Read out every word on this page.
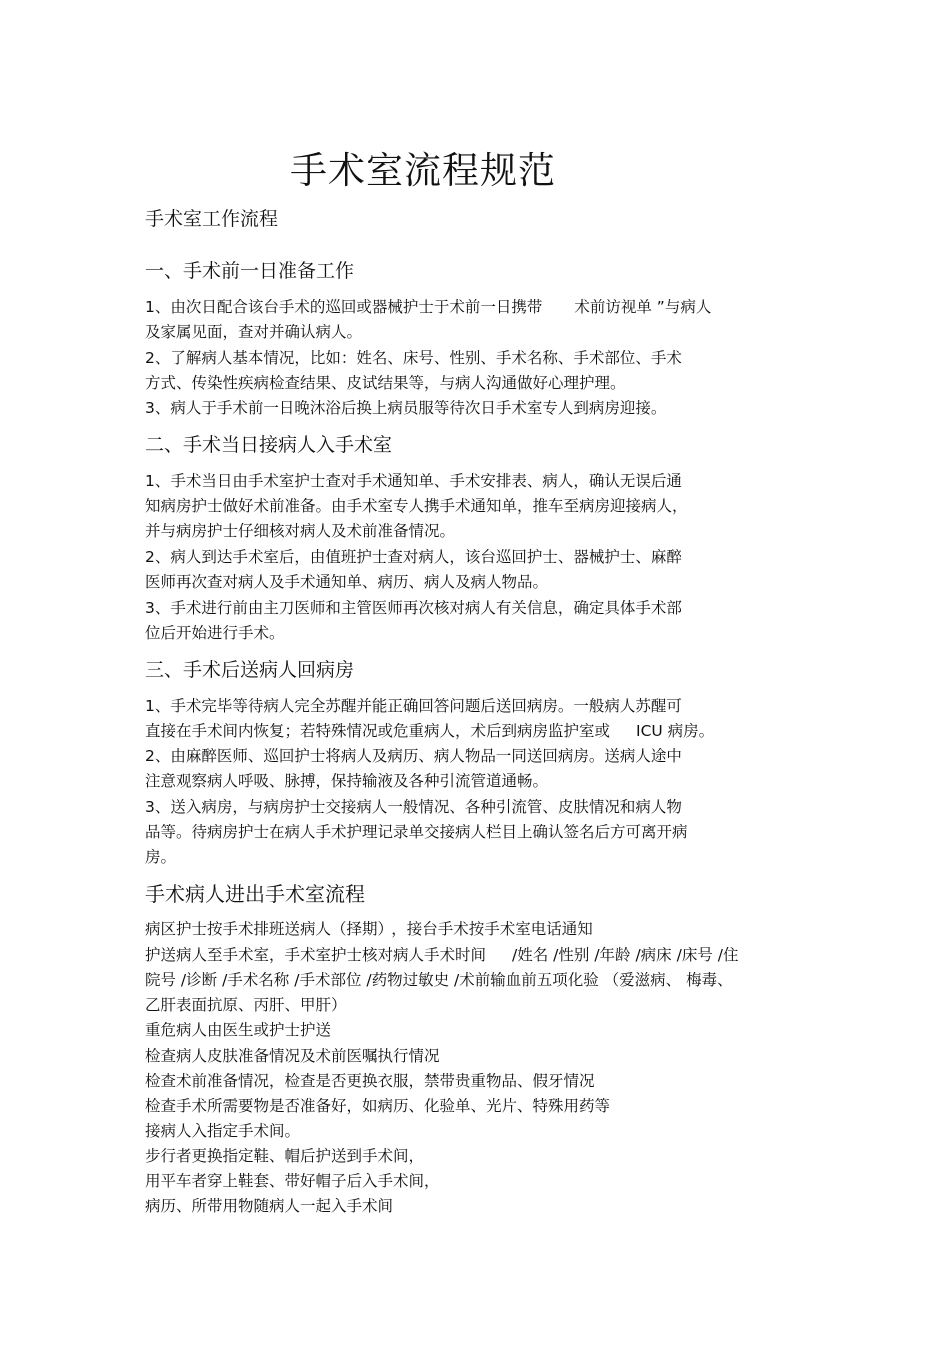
手术室流程规范
手术室工作流程
一、手术前一日准备工作
1、由次日配合该台手术的巡回或器械护士于术前一日携带 术前访视单 ”与病人
及家属见面，查对并确认病人。
2、了解病人基本情况，比如：姓名、床号、性别、手术名称、手术部位、手术
方式、传染性疾病检查结果、皮试结果等，与病人沟通做好心理护理。
3、病人于手术前一日晚沐浴后换上病员服等待次日手术室专人到病房迎接。
二、手术当日接病人入手术室
1、手术当日由手术室护士查对手术通知单、手术安排表、病人，确认无误后通
知病房护士做好术前准备。由手术室专人携手术通知单，推车至病房迎接病人，
并与病房护士仔细核对病人及术前准备情况。
2、病人到达手术室后，由值班护士查对病人，该台巡回护士、器械护士、麻醉
医师再次查对病人及手术通知单、病历、病人及病人物品。
3、手术进行前由主刀医师和主管医师再次核对病人有关信息，确定具体手术部
位后开始进行手术。
三、手术后送病人回病房
1、手术完毕等待病人完全苏醒并能正确回答问题后送回病房。一般病人苏醒可
直接在手术间内恢复；若特殊情况或危重病人，术后到病房监护室或 ICU 病房。
2、由麻醉医师、巡回护士将病人及病历、病人物品一同送回病房。送病人途中
注意观察病人呼吸、脉搏，保持输液及各种引流管道通畅。
3、送入病房，与病房护士交接病人一般情况、各种引流管、皮肤情况和病人物
品等。待病房护士在病人手术护理记录单交接病人栏目上确认签名后方可离开病
房。
手术病人进出手术室流程
病区护士按手术排班送病人（择期） ，接台手术按手术室电话通知
护送病人至手术室，手术室护士核对病人手术时间 /姓名 /性别 /年龄 /病床 /床号 /住
院号 /诊断 /手术名称 /手术部位 /药物过敏史 /术前输血前五项化验 （爱滋病、 梅毒、
乙肝表面抗原、丙肝、甲肝）
重危病人由医生或护士护送
检查病人皮肤准备情况及术前医嘱执行情况
检查术前准备情况，检查是否更换衣服，禁带贵重物品、假牙情况
检查手术所需要物是否准备好，如病历、化验单、光片、特殊用药等
接病人入指定手术间。
步行者更换指定鞋、帽后护送到手术间，
用平车者穿上鞋套、带好帽子后入手术间，
病历、所带用物随病人一起入手术间
